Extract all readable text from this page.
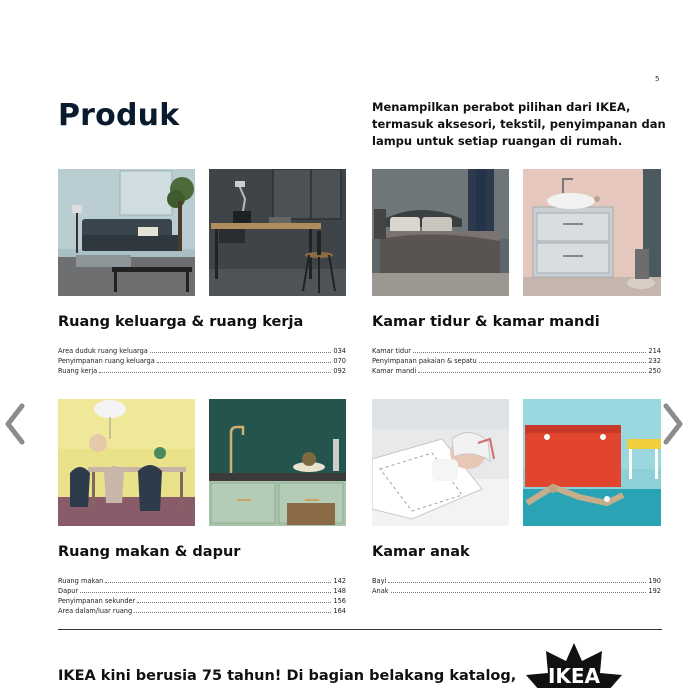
5
Produk	Menampilkan perabot pilihan dari IKEA, termasuk aksesori, tekstil, penyimpanan dan lampu untuk setiap ruangan di rumah.
Ruang keluarga & ruang kerja
Area duduk ruang keluarga	034
Penyimpanan ruang keluarga	070
Ruang kerja	092
Kamar tidur & kamar mandi
Kamar tidur	214
Penyimpanan pakaian & sepatu	232
Kamar mandi	250
Ruang makan & dapur
Ruang makan	142
Dapur	148
Penyimpanan sekunder	156
Area dalam/luar ruang	164
Kamar anak
Bayi	190
Anak	192
IKEA kini berusia 75 tahun! Di bagian belakang katalog, IKEA
